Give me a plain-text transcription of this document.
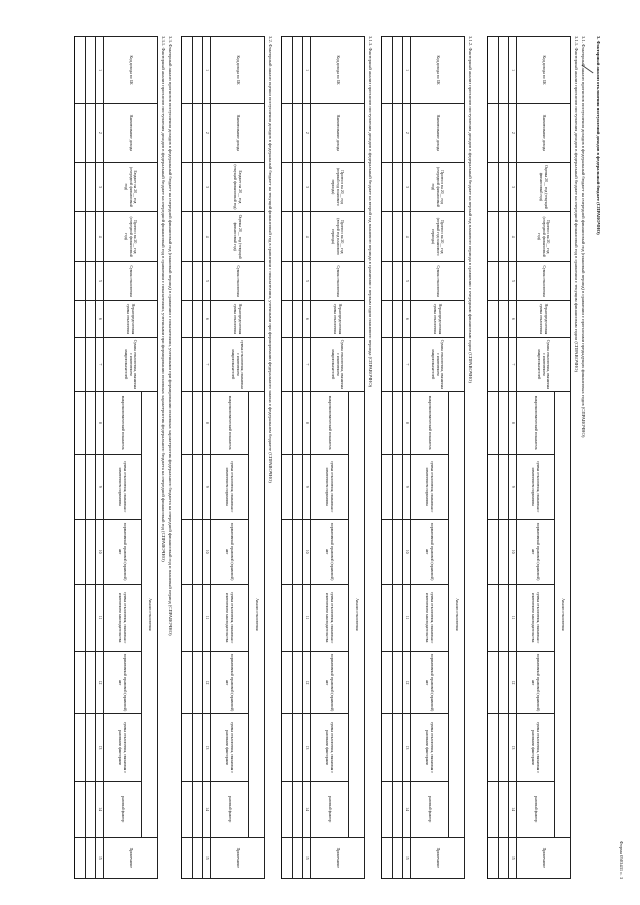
Форма 0503431 с. 3
3. Факторный анализ отклонения поступлений доходов в федеральный бюджет (СПРАВОЧНО)
3.1. Факторный анализ прогнозов поступления доходов в федеральный бюджет на очередной финансовый год (плановый период) в сравнении с прогнозами предыдущих финансовых годов (СПРАВОЧНО)
3.1.1. Факторный анализ прогнозов поступления доходов в федеральный бюджет на очередной финансовый год в сравнении с текущим финансовым годом (СПРАВОЧНО)
Код дохода по БК	Наименование дохода	Оценка 20__ год (текущий финансовый год)	Прогноз на 20__ год (очередной финансовый год)	Сумма отклонения	Нераспределенная сумма отклонения	Сумма отклонения, связанная с изменением макропоказателей	Анализ отклонения							Примечание
							макроэкономический показатель	сумма отклонения, связанная с изменением норматива	нормативный правовой (правовой) акт	сумма отклонения, связанная с изменением законодательства	нормативный правовой (правовой) акт	сумма отклонения, связанная с разовыми факторами	разовый фактор	
1	2	3	4	5	6	7	8	9	10	11	12	13	14	15

3.1.2. Факторный анализ прогнозов поступления доходов в федеральный бюджет на первый год планового периода в сравнении с очередным финансовым годом (СПРАВОЧНО)
Код дохода по БК	Наименование дохода	Прогноз на 20__ год (очередной финансовый год)	Прогноз на 20__ год (первый год планового периода)	Сумма отклонения	Нераспределенная сумма отклонения	Сумма отклонения, связанная с изменением макропоказателей	Анализ отклонения							Примечание
							макроэкономический показатель	сумма отклонения, связанная с изменением норматива	нормативный правовой (правовой) акт	сумма отклонения, связанная с изменением законодательства	нормативный правовой (правовой) акт	сумма отклонения, связанная с разовыми факторами	разовый фактор	
1	2	3	4	5	6	7	8	9	10	11	12	13	14	15

3.1.3. Факторный анализ прогнозов поступления доходов в федеральный бюджет на второй год планового периода в сравнении с первым годом планового периода (СПРАВОЧНО)
Код дохода по БК	Наименование дохода	Прогноз на 20__ год (первый год планового периода)	Прогноз на 20__ год (второй год планового периода)	Сумма отклонения	Нераспределенная сумма отклонения	Сумма отклонения, связанная с изменением макропоказателей	Анализ отклонения							Примечание
							макроэкономический показатель	сумма отклонения, связанная с изменением норматива	нормативный правовой (правовой) акт	сумма отклонения, связанная с изменением законодательства	нормативный правовой (правовой) акт	сумма отклонения, связанная с разовыми факторами	разовый фактор	
1	2	3	4	5	6	7	8	9	10	11	12	13	14	15

3.2. Факторный анализ оценки поступления доходов в федеральный бюджет на текущий финансовый год в сравнении с показателями, учтенными при формировании федерального закона о федеральном бюджете (СПРАВОЧНО)
Код дохода по БК	Наименование дохода	Бюджет на 20__ год (текущий финансовый год)	Оценка 20__ год (текущий финансовый год)	Сумма отклонения	Нераспределенная сумма отклонения	сумма отклонения, связанная с изменением макропоказателей	Анализ отклонения							Примечание
							макроэкономический показатель	сумма отклонения, связанная с изменением норматива	нормативный правовой (правовой) акт	сумма отклонения, связанная с изменением законодательства	нормативный правовой (правовой) акт	сумма отклонения, связанная с разовыми факторами	разовый фактор	
1	2	3	4	5	6	7	8	9	10	11	12	13	14	15

3.3. Факторный анализ прогнозов поступления доходов в федеральный бюджет на очередной финансовый год (плановый период) в сравнении с показателями, учтенными при формировании основных характеристик федерального бюджета на очередной финансовый год и плановый период (СПРАВОЧНО)
3.3.1. Факторный анализ прогнозов поступления доходов в федеральный бюджет на очередной финансовый год в сравнении с показателями, учтенными при формировании основных характеристик федерального бюджета на очередной финансовый год (СПРАВОЧНО)
Код дохода по БК	Наименование дохода	Бюджет на 20__ год (очередной финансовый год)	Прогноз на 20__ год (очередной финансовый год)	Сумма отклонения	Нераспределенная сумма отклонения	Сумма отклонения, связанная с изменением макропоказателей	Анализ отклонения							Примечание
							макроэкономический показатель	сумма отклонения, связанная с изменением норматива	нормативный правовой (правовой) акт	сумма отклонения, связанная с изменением законодательства	нормативный правовой (правовой) акт	сумма отклонения, связанная с разовыми факторами	разовый фактор	
1	2	3	4	5	6	7	8	9	10	11	12	13	14	15
